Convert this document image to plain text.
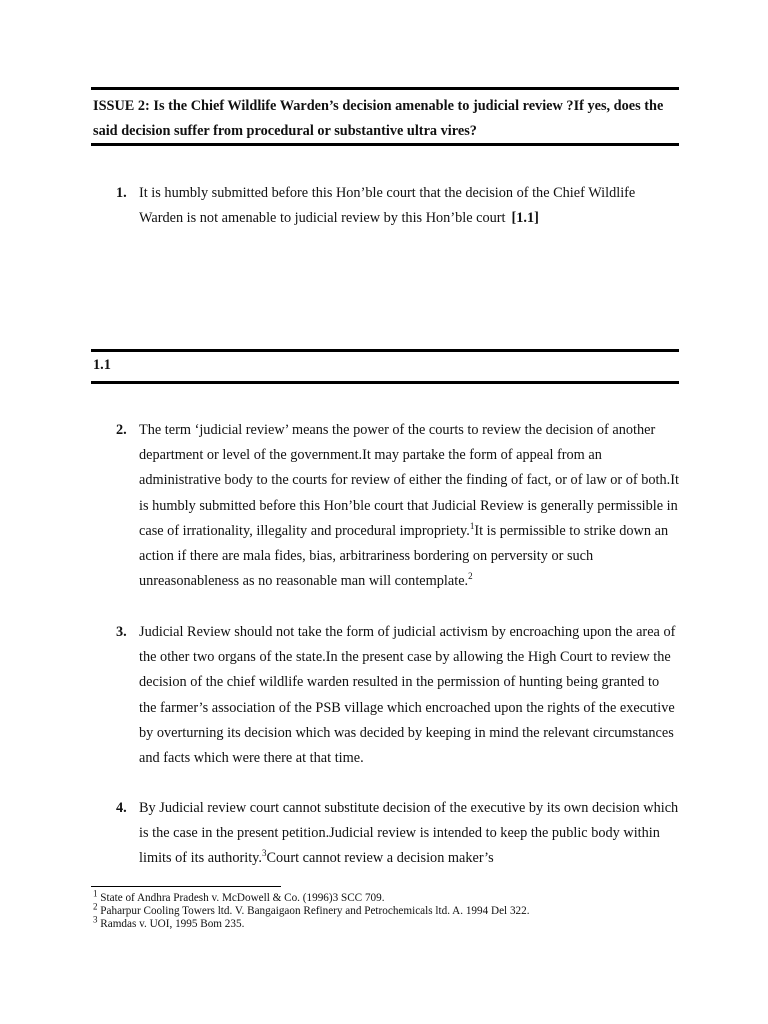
ISSUE 2: Is the Chief Wildlife Warden’s decision amenable to judicial review ?If yes, does the said decision suffer from procedural or substantive ultra vires?
1. It is humbly submitted before this Hon’ble court that the decision of the Chief Wildlife Warden is not amenable to judicial review by this Hon’ble court [1.1]
1.1
2. The term ‘judicial review’ means the power of the courts to review the decision of another department or level of the government.It may partake the form of appeal from an administrative body to the courts for review of either the finding of fact, or of law or of both.It is humbly submitted before this Hon’ble court that Judicial Review is generally permissible in case of irrationality, illegality and procedural impropriety.$^1$It is permissible to strike down an action if there are mala fides, bias, arbitrariness bordering on perversity or such unreasonableness as no reasonable man will contemplate.$^2$
3. Judicial Review should not take the form of judicial activism by encroaching upon the area of the other two organs of the state.In the present case by allowing the High Court to review the decision of the chief wildlife warden resulted in the permission of hunting being granted to the farmer’s association of the PSB village which encroached upon the rights of the executive by overturning its decision which was decided by keeping in mind the relevant circumstances and facts which were there at that time.
4. By Judicial review court cannot substitute decision of the executive by its own decision which is the case in the present petition.Judicial review is intended to keep the public body within limits of its authority.$^3$Court cannot review a decision maker’s
$^1$ State of Andhra Pradesh v. McDowell & Co. (1996)3 SCC 709.
$^2$ Paharpur Cooling Towers ltd. V. Bangaigaon Refinery and Petrochemicals ltd. A. 1994 Del 322.
$^3$ Ramdas v. UOI, 1995 Bom 235.
